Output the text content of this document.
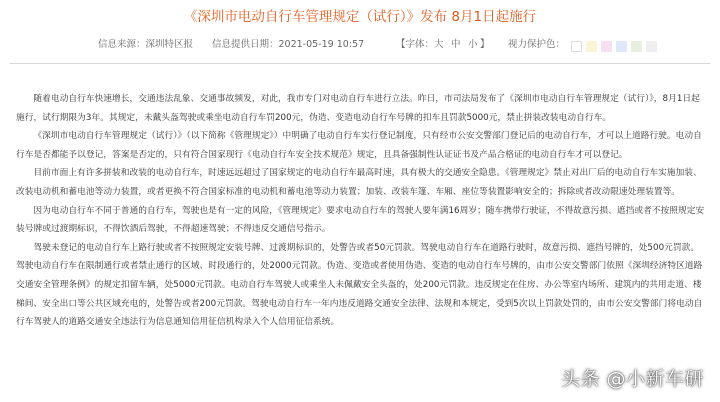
《深圳市电动自行车管理规定（试行）》发布 8月1日起施行
信息来源：深圳特区报 信息提供日期：2021-05-19 10:57	【字体： 大 中 小 】 视力保护色：

随着电动自行车快速增长，交通违法乱象、交通事故频发，对此，我市专门对电动自行车进行立法。昨日，市司法局发布了《深圳市电动自行车管理规定（试行）》，8月1日起施行，试行期限为3年。其规定，未戴头盔驾驶或乘坐电动自行车罚200元，伪造、变造电动自行车号牌的扣车且罚款5000元，禁止拼装改装电动自行车。

《深圳市电动自行车管理规定（试行）》（以下简称《管理规定》）中明确了电动自行车实行登记制度，只有经市公安交警部门登记后的电动自行车，才可以上道路行驶。电动自行车是否都能予以登记，答案是否定的，只有符合国家现行《电动自行车安全技术规范》规定，且具备强制性认证证书及产品合格证的电动自行车才可以登记。

目前市面上有许多拼装和改装的电动自行车，时速远远超过了国家规定的电动自行车最高时速，具有极大的交通安全隐患。《管理规定》禁止对出厂后的电动自行车实施加装、改装电动机和蓄电池等动力装置，或者更换不符合国家标准的电动机和蓄电池等动力装置；加装、改装车篷、车厢、座位等装置影响安全的；拆除或者改动限速处理装置等。

因为电动自行车不同于普通的自行车，驾驶也是有一定的风险，《管理规定》要求电动自行车的驾驶人要年满16周岁；随车携带行驶证，不得故意污损、遮挡或者不按照规定安装号牌或过渡期标识，不得饮酒后驾驶，不得超速驾驶；不得违反交通信号指示。

驾驶未登记的电动自行车上路行驶或者不按照规定安装号牌、过渡期标识的，处警告或者50元罚款。驾驶电动自行车在道路行驶时，故意污损、遮挡号牌的，处500元罚款。驾驶电动自行车在限制通行或者禁止通行的区域、时段通行的，处2000元罚款。伪造、变造或者使用伪造、变造的电动自行车号牌的，由市公安交警部门依照《深圳经济特区道路交通安全管理条例》的规定扣留车辆，处5000元罚款。电动自行车驾驶人或乘坐人未佩戴安全头盔的，处200元罚款。违反规定在住房、办公等室内场所、建筑内的共用走道、楼梯间、安全出口等公共区域充电的，处警告或者200元罚款。驾驶电动自行车一年内违反道路交通安全法律、法规和本规定，受到5次以上罚款处罚的，由市公安交警部门将电动自行车驾驶人的道路交通安全违法行为信息通知信用征信机构录入个人信用征信系统。

头条 @小新车研
